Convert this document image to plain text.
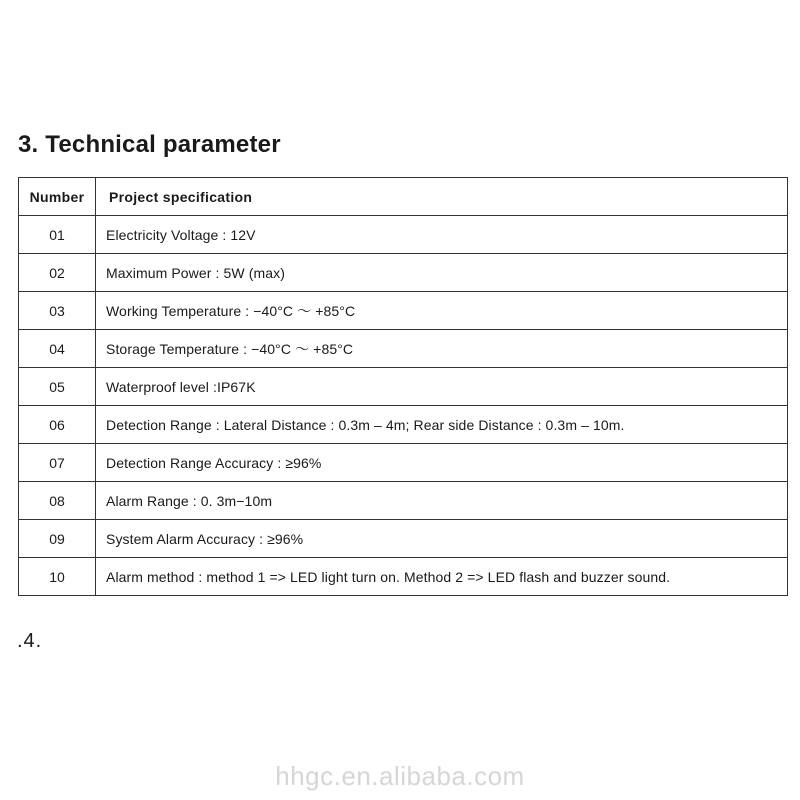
3. Technical parameter
Number	Project specification
01	Electricity Voltage : 12V
02	Maximum Power : 5W (max)
03	Working Temperature : −40°C ～ +85°C
04	Storage Temperature : −40°C ～ +85°C
05	Waterproof level :IP67K
06	Detection Range : Lateral Distance : 0.3m – 4m; Rear side Distance : 0.3m – 10m.
07	Detection Range Accuracy : ≥96%
08	Alarm Range : 0. 3m−10m
09	System Alarm Accuracy : ≥96%
10	Alarm method : method 1 => LED light turn on. Method 2 => LED flash and buzzer sound.
.4.
hhgc.en.alibaba.com
